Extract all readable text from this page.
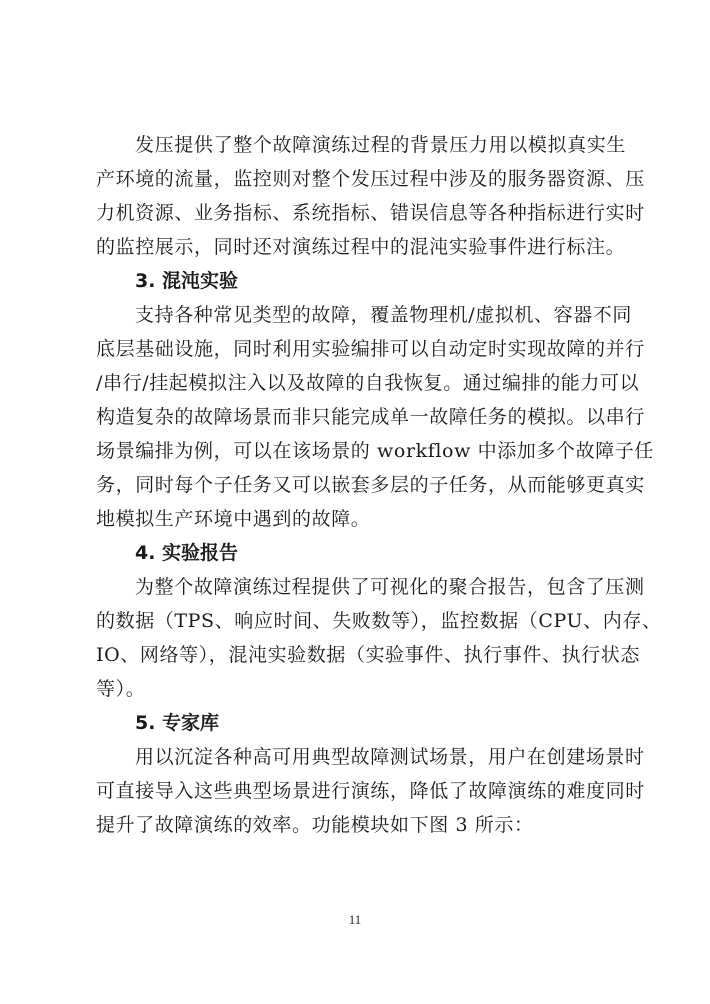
发压提供了整个故障演练过程的背景压力用以模拟真实生
产环境的流量，监控则对整个发压过程中涉及的服务器资源、压
力机资源、业务指标、系统指标、错误信息等各种指标进行实时
的监控展示，同时还对演练过程中的混沌实验事件进行标注。
3. 混沌实验
支持各种常见类型的故障，覆盖物理机/虚拟机、容器不同
底层基础设施，同时利用实验编排可以自动定时实现故障的并行
/串行/挂起模拟注入以及故障的自我恢复。通过编排的能力可以
构造复杂的故障场景而非只能完成单一故障任务的模拟。以串行
场景编排为例，可以在该场景的 workflow 中添加多个故障子任
务，同时每个子任务又可以嵌套多层的子任务，从而能够更真实
地模拟生产环境中遇到的故障。
4. 实验报告
为整个故障演练过程提供了可视化的聚合报告，包含了压测
的数据（TPS、响应时间、失败数等），监控数据（CPU、内存、
IO、网络等），混沌实验数据（实验事件、执行事件、执行状态
等）。
5. 专家库
用以沉淀各种高可用典型故障测试场景，用户在创建场景时
可直接导入这些典型场景进行演练，降低了故障演练的难度同时
提升了故障演练的效率。功能模块如下图 3 所示：
11
